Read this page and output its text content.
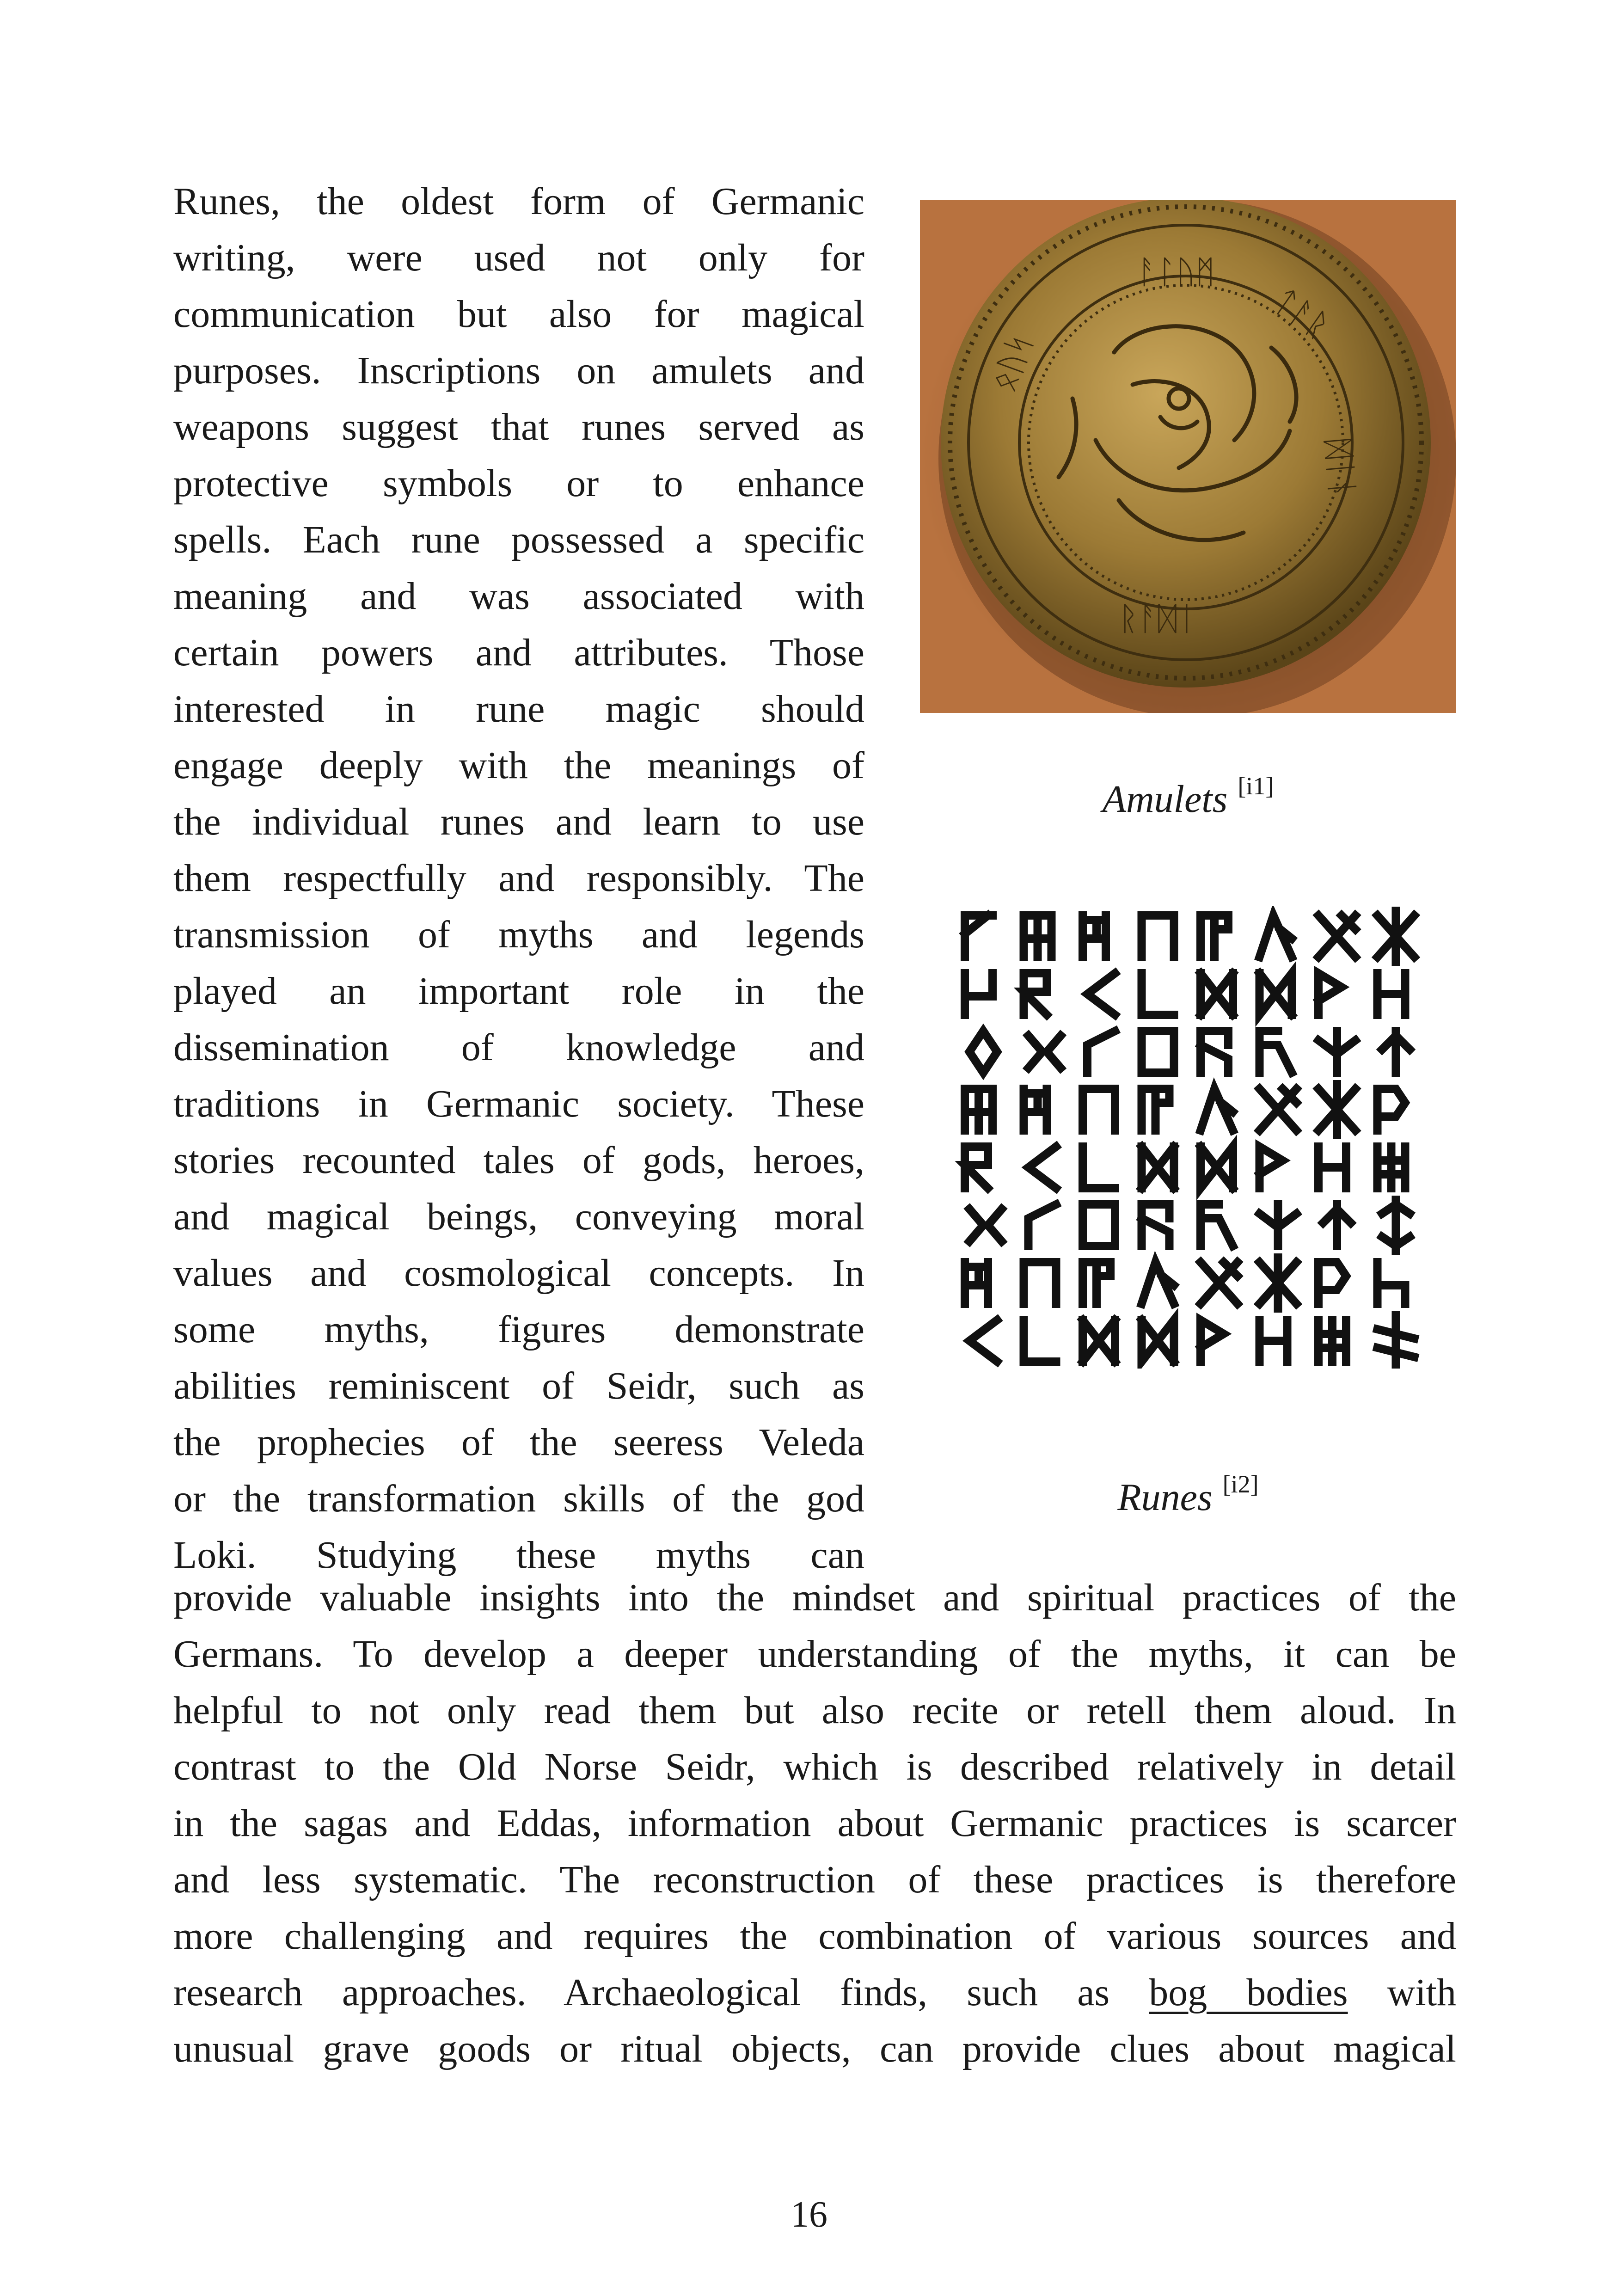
Runes, the oldest form of Germanic
writing, were used not only for
communication but also for magical
purposes. Inscriptions on amulets and
weapons suggest that runes served as
protective symbols or to enhance
spells. Each rune possessed a specific
meaning and was associated with
certain powers and attributes. Those
interested in rune magic should
engage deeply with the meanings of
the individual runes and learn to use
them respectfully and responsibly. The
transmission of myths and legends
played an important role in the
dissemination of knowledge and
traditions in Germanic society. These
stories recounted tales of gods, heroes,
and magical beings, conveying moral
values and cosmological concepts. In
some myths, figures demonstrate
abilities reminiscent of Seidr, such as
the prophecies of the seeress Veleda
or the transformation skills of the god
Loki. Studying these myths can
provide valuable insights into the mindset and spiritual practices of the
Germans. To develop a deeper understanding of the myths, it can be
helpful to not only read them but also recite or retell them aloud. In
contrast to the Old Norse Seidr, which is described relatively in detail
in the sagas and Eddas, information about Germanic practices is scarcer
and less systematic. The reconstruction of these practices is therefore
more challenging and requires the combination of various sources and
research approaches. Archaeological finds, such as bog bodies with
unusual grave goods or ritual objects, can provide clues about magical
ᚨᛚᚢᛗ
ᛏᚨᚱ
ᛞᛁᚾ
ᛟᚢᛋ
ᚱᚨᛞᛁ
Amulets [i1]
Runes [i2]
16
